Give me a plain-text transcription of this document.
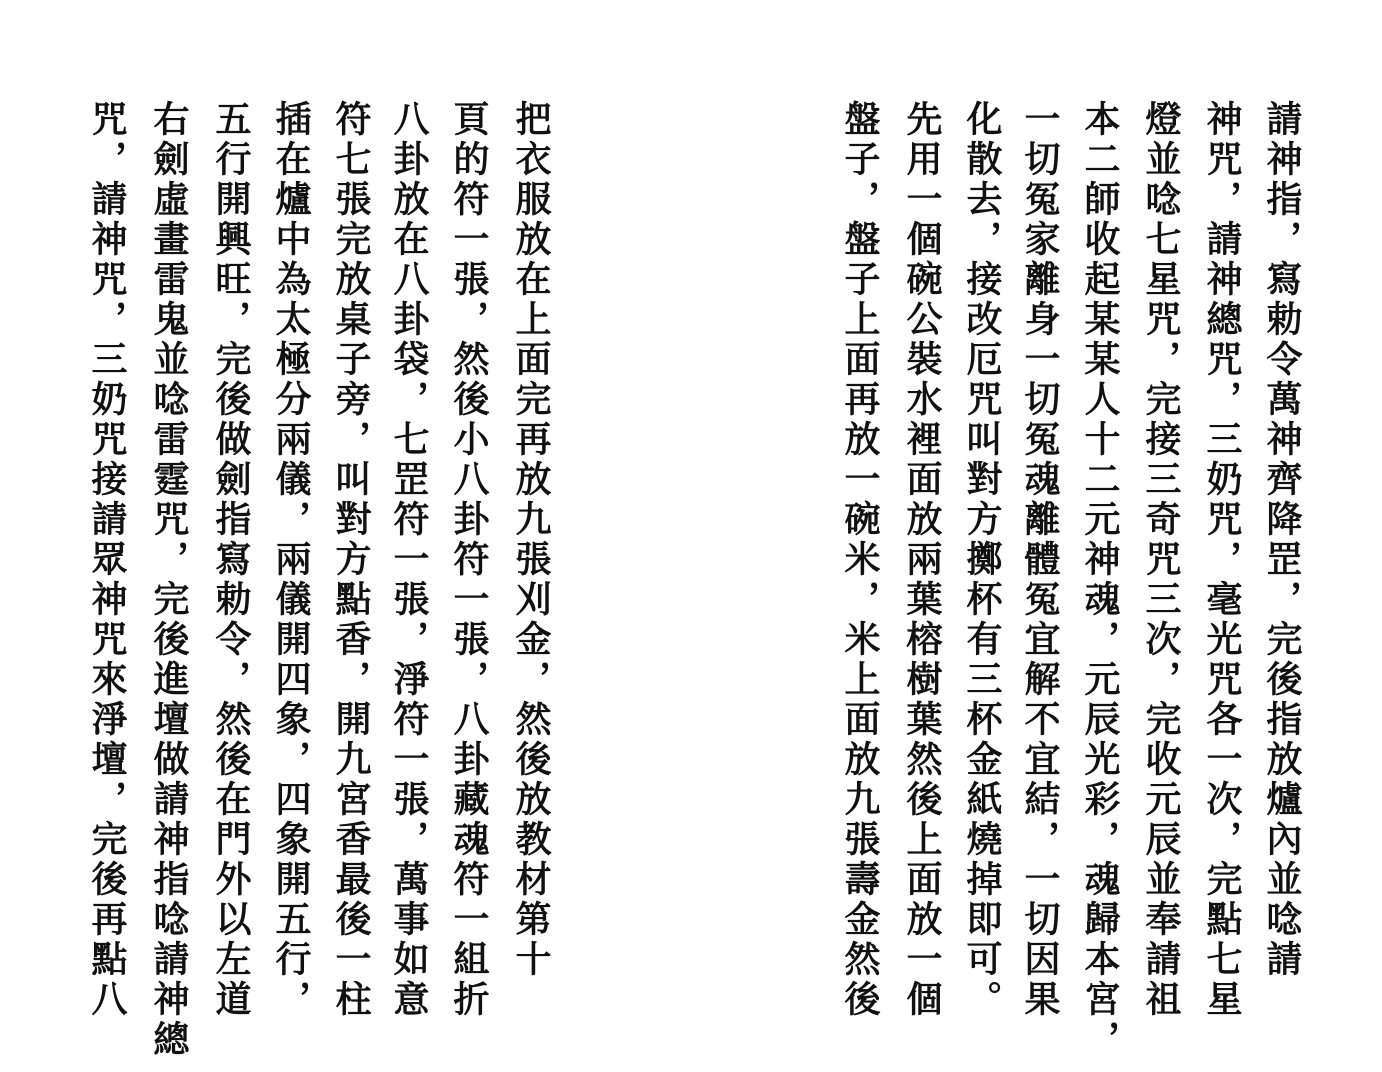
把衣服放在上面完再放九張刈金，然後放教材第十
頁的符一張，然後小八卦符一張，八卦藏魂符一組折
八卦放在八卦袋，七罡符一張，淨符一張，萬事如意
符七張完放桌子旁，叫對方點香，開九宮香最後一柱
插在爐中為太極分兩儀，兩儀開四象，四象開五行，
五行開興旺，完後做劍指寫勅令，然後在門外以左道
右劍虛畫雷鬼並唸雷霆咒，完後進壇做請神指唸請神總
咒，請神咒，三奶咒接請眾神咒來淨壇，完後再點八	請神指，寫勅令萬神齊降罡，完後指放爐內並唸請
神咒，請神總咒，三奶咒，毫光咒各一次，完點七星
燈並唸七星咒，完接三奇咒三次，完收元辰並奉請祖
本二師收起某某人十二元神魂，元辰光彩，魂歸本宮，
一切冤家離身一切冤魂離體冤宜解不宜結，一切因果
化散去，接改厄咒叫對方擲杯有三杯金紙燒掉即可。
先用一個碗公裝水裡面放兩葉榕樹葉然後上面放一個
盤子，盤子上面再放一碗米，米上面放九張壽金然後
